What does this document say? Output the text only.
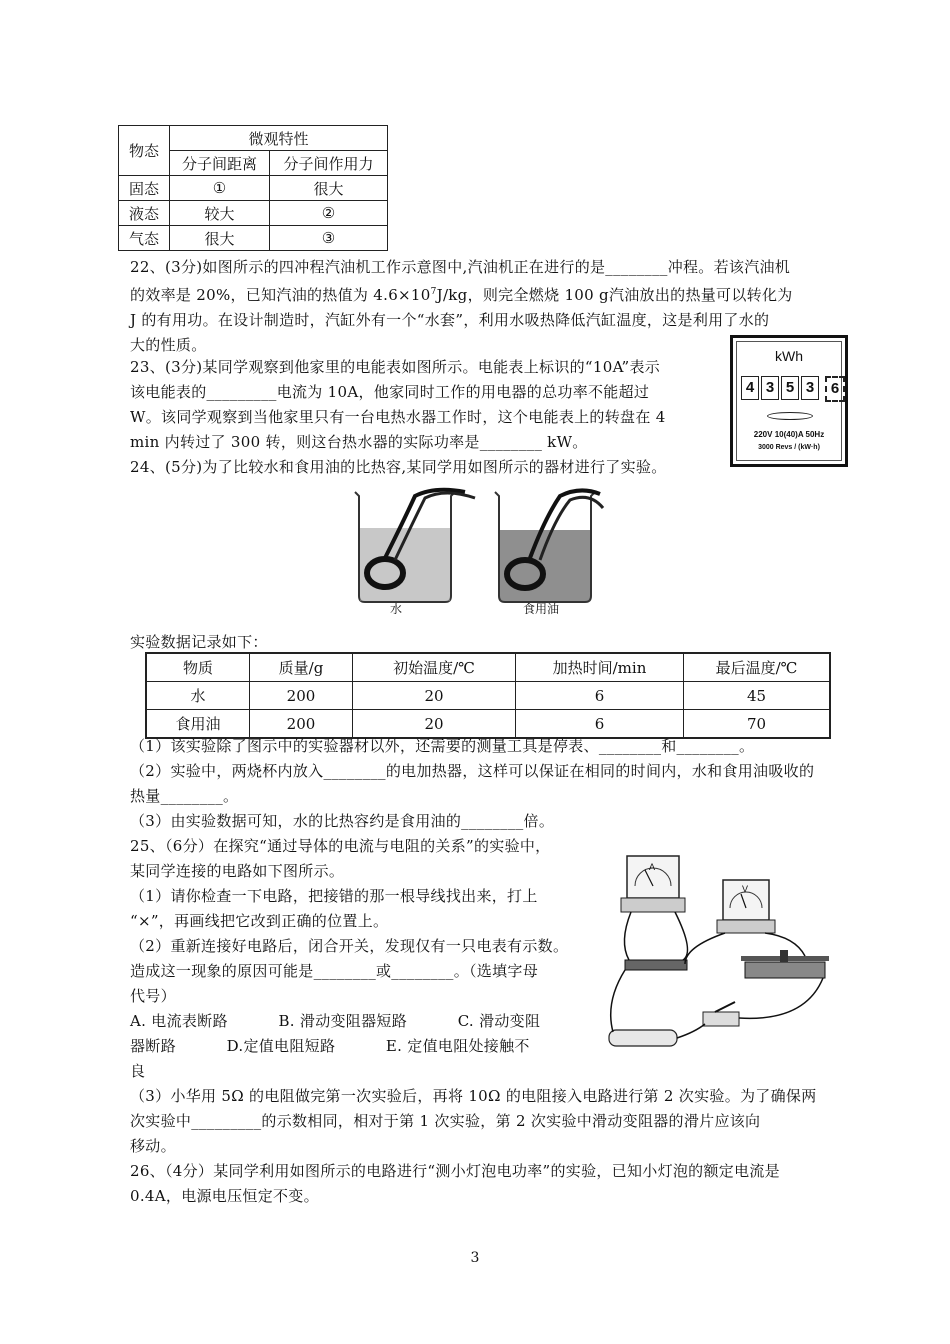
物态	微观特性	
	分子间距离	分子间作用力
固态	①	很大
液态	较大	②
气态	很大	③
22、(3分)如图所示的四冲程汽油机工作示意图中,汽油机正在进行的是________冲程。若该汽油机
的效率是 20%，已知汽油的热值为 $4.6\times 10^7J/kg$，则完全燃烧 100 g汽油放出的热量可以转化为
J 的有用功。在设计制造时，汽缸外有一个“水套”，利用水吸热降低汽缸温度，这是利用了水的
大的性质。
23、(3分)某同学观察到他家里的电能表如图所示。电能表上标识的“10A”表示
该电能表的_________电流为 10A，他家同时工作的用电器的总功率不能超过
W。该同学观察到当他家里只有一台电热水器工作时，这个电能表上的转盘在 4
min 内转过了 300 转，则这台热水器的实际功率是________ kW。
kWh
4 3 5 3	6
220V 10(40)A 50Hz
3000 Revs / (kW·h)
24、(5分)为了比较水和食用油的比热容,某同学用如图所示的器材进行了实验。
水	食用油
实验数据记录如下：
物质	质量/g	初始温度/℃	加热时间/min	最后温度/℃
水	200	20	6	45
食用油	200	20	6	70
（1）该实验除了图示中的实验器材以外，还需要的测量工具是停表、________和________。
（2）实验中，两烧杯内放入________的电加热器，这样可以保证在相同的时间内，水和食用油吸收的
热量________。
（3）由实验数据可知，水的比热容约是食用油的________倍。
25、（6分）在探究“通过导体的电流与电阻的关系”的实验中，
某同学连接的电路如下图所示。
（1）请你检查一下电路，把接错的那一根导线找出来，打上
“×”，再画线把它改到正确的位置上。
（2）重新连接好电路后，闭合开关，发现仅有一只电表有示数。
造成这一现象的原因可能是________或________。（选填字母
代号）
A. 电流表断路          B. 滑动变阻器短路          C. 滑动变阻
器断路          D.定值电阻短路          E. 定值电阻处接触不
良
A
V
（3）小华用 5Ω 的电阻做完第一次实验后，再将 10Ω 的电阻接入电路进行第 2 次实验。为了确保两
次实验中_________的示数相同，相对于第 1 次实验，第 2 次实验中滑动变阻器的滑片应该向
移动。
26、（4分）某同学利用如图所示的电路进行“测小灯泡电功率”的实验，已知小灯泡的额定电流是
0.4A，电源电压恒定不变。
3
